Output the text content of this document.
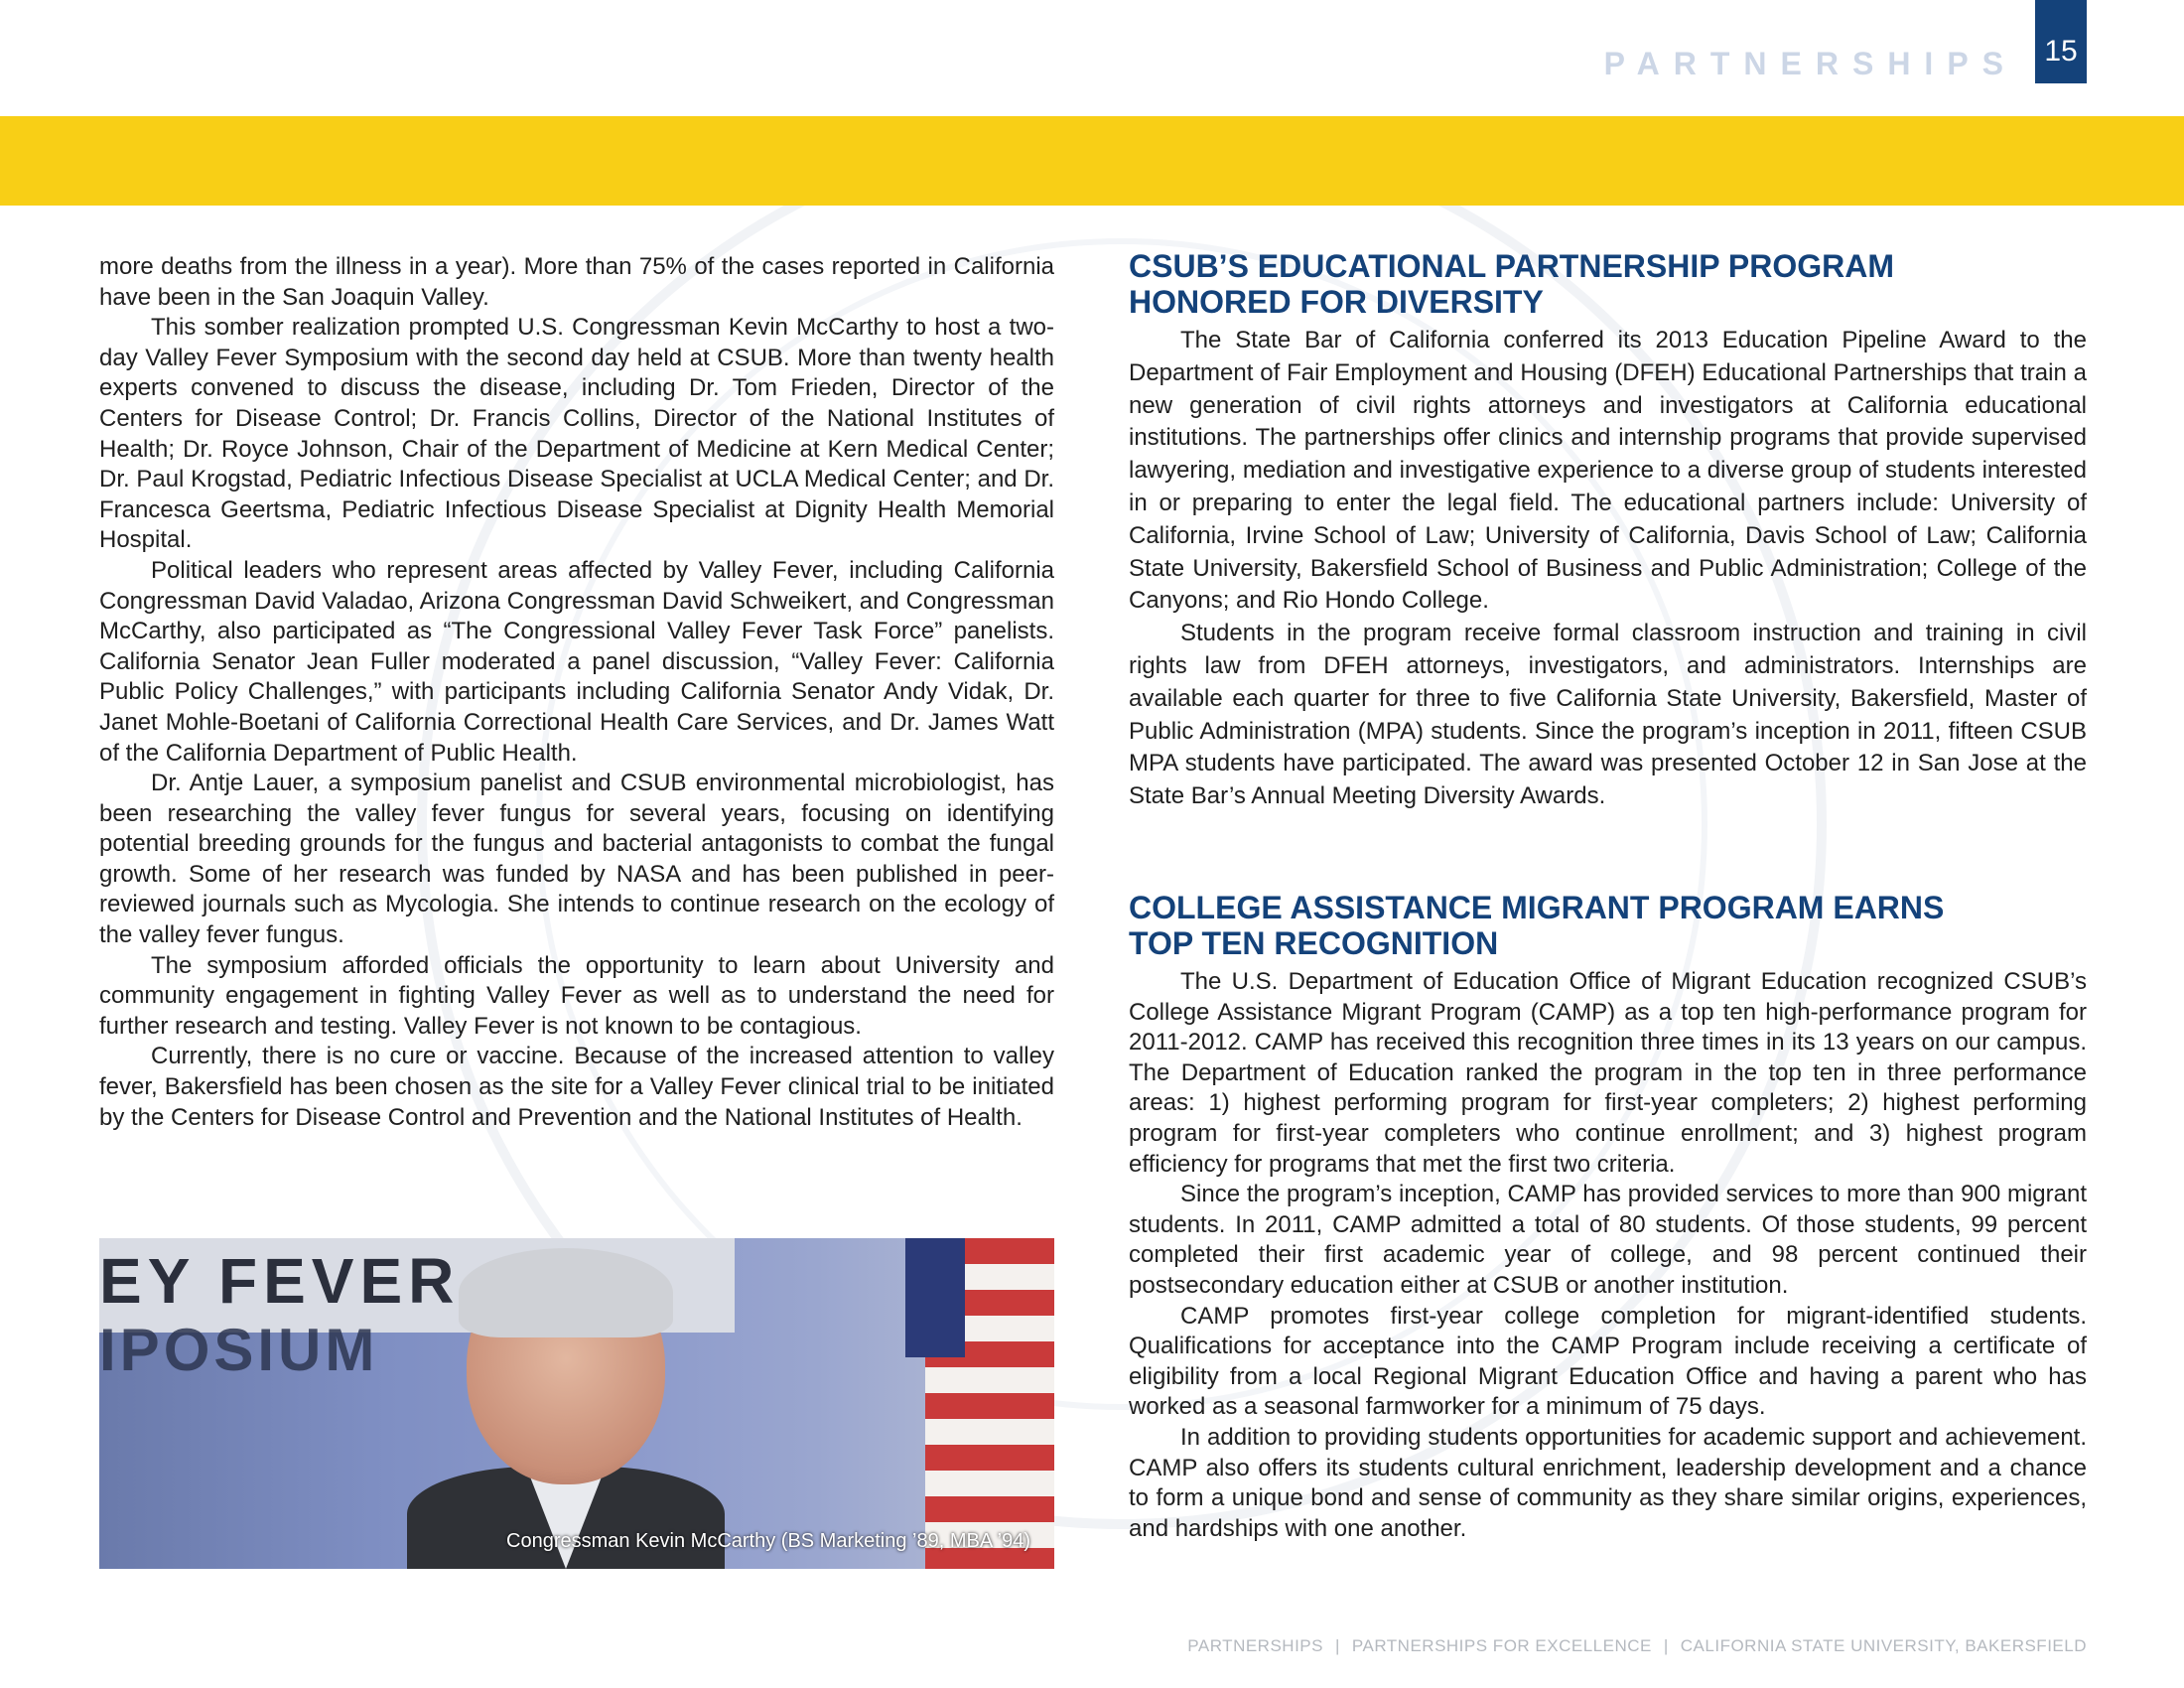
PARTNERSHIPS 15

more deaths from the illness in a year). More than 75% of the cases reported in California have been in the San Joaquin Valley.

This somber realization prompted U.S. Congressman Kevin McCarthy to host a two-day Valley Fever Symposium with the second day held at CSUB. More than twenty health experts convened to discuss the disease, including Dr. Tom Frieden, Director of the Centers for Disease Control; Dr. Francis Collins, Director of the National Institutes of Health; Dr. Royce Johnson, Chair of the Department of Medicine at Kern Medical Center; Dr. Paul Krogstad, Pediatric Infectious Disease Specialist at UCLA Medical Center; and Dr. Francesca Geertsma, Pediatric Infectious Disease Specialist at Dignity Health Memorial Hospital.

Political leaders who represent areas affected by Valley Fever, including California Congressman David Valadao, Arizona Congressman David Schweikert, and Congressman McCarthy, also participated as “The Congressional Valley Fever Task Force” panelists. California Senator Jean Fuller moderated a panel discussion, “Valley Fever: California Public Policy Challenges,” with participants including California Senator Andy Vidak, Dr. Janet Mohle-Boetani of California Correctional Health Care Services, and Dr. James Watt of the California Department of Public Health.

Dr. Antje Lauer, a symposium panelist and CSUB environmental microbiologist, has been researching the valley fever fungus for several years, focusing on identifying potential breeding grounds for the fungus and bacterial antagonists to combat the fungal growth. Some of her research was funded by NASA and has been published in peer-reviewed journals such as Mycologia. She intends to continue research on the ecology of the valley fever fungus.

The symposium afforded officials the opportunity to learn about University and community engagement in fighting Valley Fever as well as to understand the need for further research and testing. Valley Fever is not known to be contagious.

Currently, there is no cure or vaccine. Because of the increased attention to valley fever, Bakersfield has been chosen as the site for a Valley Fever clinical trial to be initiated by the Centers for Disease Control and Prevention and the National Institutes of Health.

EY FEVER
IPOSIUM
Congressman Kevin McCarthy (BS Marketing ’89, MBA ’94)
CSUB’S EDUCATIONAL PARTNERSHIP PROGRAM
HONORED FOR DIVERSITY

The State Bar of California conferred its 2013 Education Pipeline Award to the Department of Fair Employment and Housing (DFEH) Educational Partnerships that train a new generation of civil rights attorneys and investigators at California educational institutions. The partnerships offer clinics and internship programs that provide supervised lawyering, mediation and investigative experience to a diverse group of students interested in or preparing to enter the legal field. The educational partners include: University of California, Irvine School of Law; University of California, Davis School of Law; California State University, Bakersfield School of Business and Public Administration; College of the Canyons; and Rio Hondo College.

Students in the program receive formal classroom instruction and training in civil rights law from DFEH attorneys, investigators, and administrators. Internships are available each quarter for three to five California State University, Bakersfield, Master of Public Administration (MPA) students. Since the program’s inception in 2011, fifteen CSUB MPA students have participated. The award was presented October 12 in San Jose at the State Bar’s Annual Meeting Diversity Awards.

COLLEGE ASSISTANCE MIGRANT PROGRAM EARNS
TOP TEN RECOGNITION

The U.S. Department of Education Office of Migrant Education recognized CSUB’s College Assistance Migrant Program (CAMP) as a top ten high-performance program for 2011-2012. CAMP has received this recognition three times in its 13 years on our campus. The Department of Education ranked the program in the top ten in three performance areas: 1) highest performing program for first-year completers; 2) highest performing program for first-year completers who continue enrollment; and 3) highest program efficiency for programs that met the first two criteria.

Since the program’s inception, CAMP has provided services to more than 900 migrant students. In 2011, CAMP admitted a total of 80 students. Of those students, 99 percent completed their first academic year of college, and 98 percent continued their postsecondary education either at CSUB or another institution.

CAMP promotes first-year college completion for migrant-identified students. Qualifications for acceptance into the CAMP Program include receiving a certificate of eligibility from a local Regional Migrant Education Office and having a parent who has worked as a seasonal farmworker for a minimum of 75 days.

In addition to providing students opportunities for academic support and achievement. CAMP also offers its students cultural enrichment, leadership development and a chance to form a unique bond and sense of community as they share similar origins, experiences, and hardships with one another.

PARTNERSHIPS | PARTNERSHIPS FOR EXCELLENCE | CALIFORNIA STATE UNIVERSITY, BAKERSFIELD
